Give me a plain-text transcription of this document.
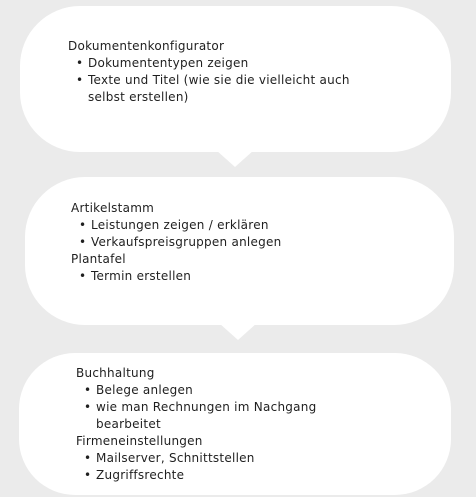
Dokumentenkonfigurator

• Dokumententypen zeigen
• Texte und Titel (wie sie die vielleicht auch selbst erstellen)

Artikelstamm

• Leistungen zeigen / erklären
• Verkaufspreisgruppen anlegen

Plantafel

• Termin erstellen

Buchhaltung

• Belege anlegen
• wie man Rechnungen im Nachgang bearbeitet

Firmeneinstellungen

• Mailserver, Schnittstellen
• Zugriffsrechte
